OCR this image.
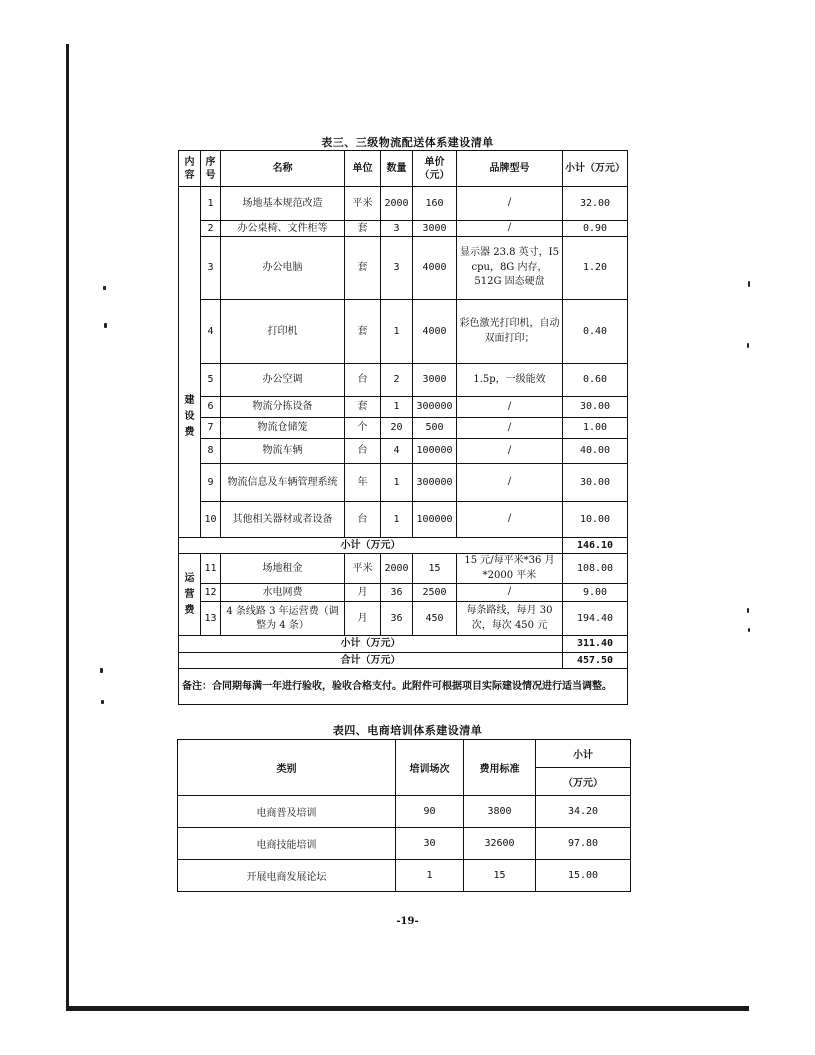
表三、三级物流配送体系建设清单
内容	序号	名称	单位	数量	单价（元）	品牌型号	小计（万元）
建设费	1	场地基本规范改造	平米	2000	160	/	32.00
	2	办公桌椅、文件柜等	套	3	3000	/	0.90
	3	办公电脑	套	3	4000	显示器 23.8 英寸，I5 cpu，8G 内存，512G 固态硬盘	1.20
	4	打印机	套	1	4000	彩色激光打印机，自动双面打印；	0.40
	5	办公空调	台	2	3000	1.5p，一级能效	0.60
	6	物流分拣设备	套	1	300000	/	30.00
	7	物流仓储笼	个	20	500	/	1.00
	8	物流车辆	台	4	100000	/	40.00
	9	物流信息及车辆管理系统	年	1	300000	/	30.00
	10	其他相关器材或者设备	台	1	100000	/	10.00
小计（万元）							146.10
运营费	11	场地租金	平米	2000	15	15 元/每平米*36 月*2000 平米	108.00
	12	水电网费	月	36	2500	/	9.00
	13	4 条线路 3 年运营费（调整为 4 条）	月	36	450	每条路线，每月 30 次，每次 450 元	194.40
小计（万元）							311.40
合计（万元）							457.50
备注：合同期每满一年进行验收，验收合格支付。此附件可根据项目实际建设情况进行适当调整。							
表四、电商培训体系建设清单
类别	培训场次	费用标准	小计
			（万元）
电商普及培训	90	3800	34.20
电商技能培训	30	32600	97.80
开展电商发展论坛	1	15	15.00
-19-
